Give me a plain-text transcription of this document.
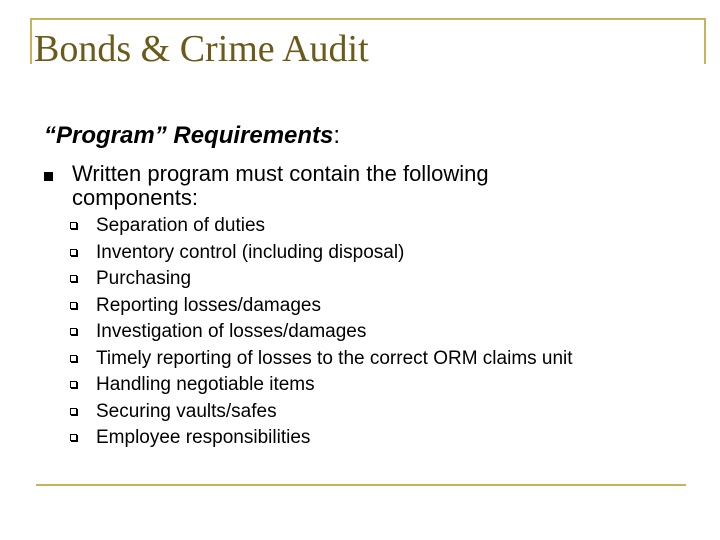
Bonds & Crime Audit
“Program” Requirements:
Written program must contain the following components:
Separation of duties
Inventory control (including disposal)
Purchasing
Reporting losses/damages
Investigation of losses/damages
Timely reporting of losses to the correct ORM claims unit
Handling negotiable items
Securing vaults/safes
Employee responsibilities
